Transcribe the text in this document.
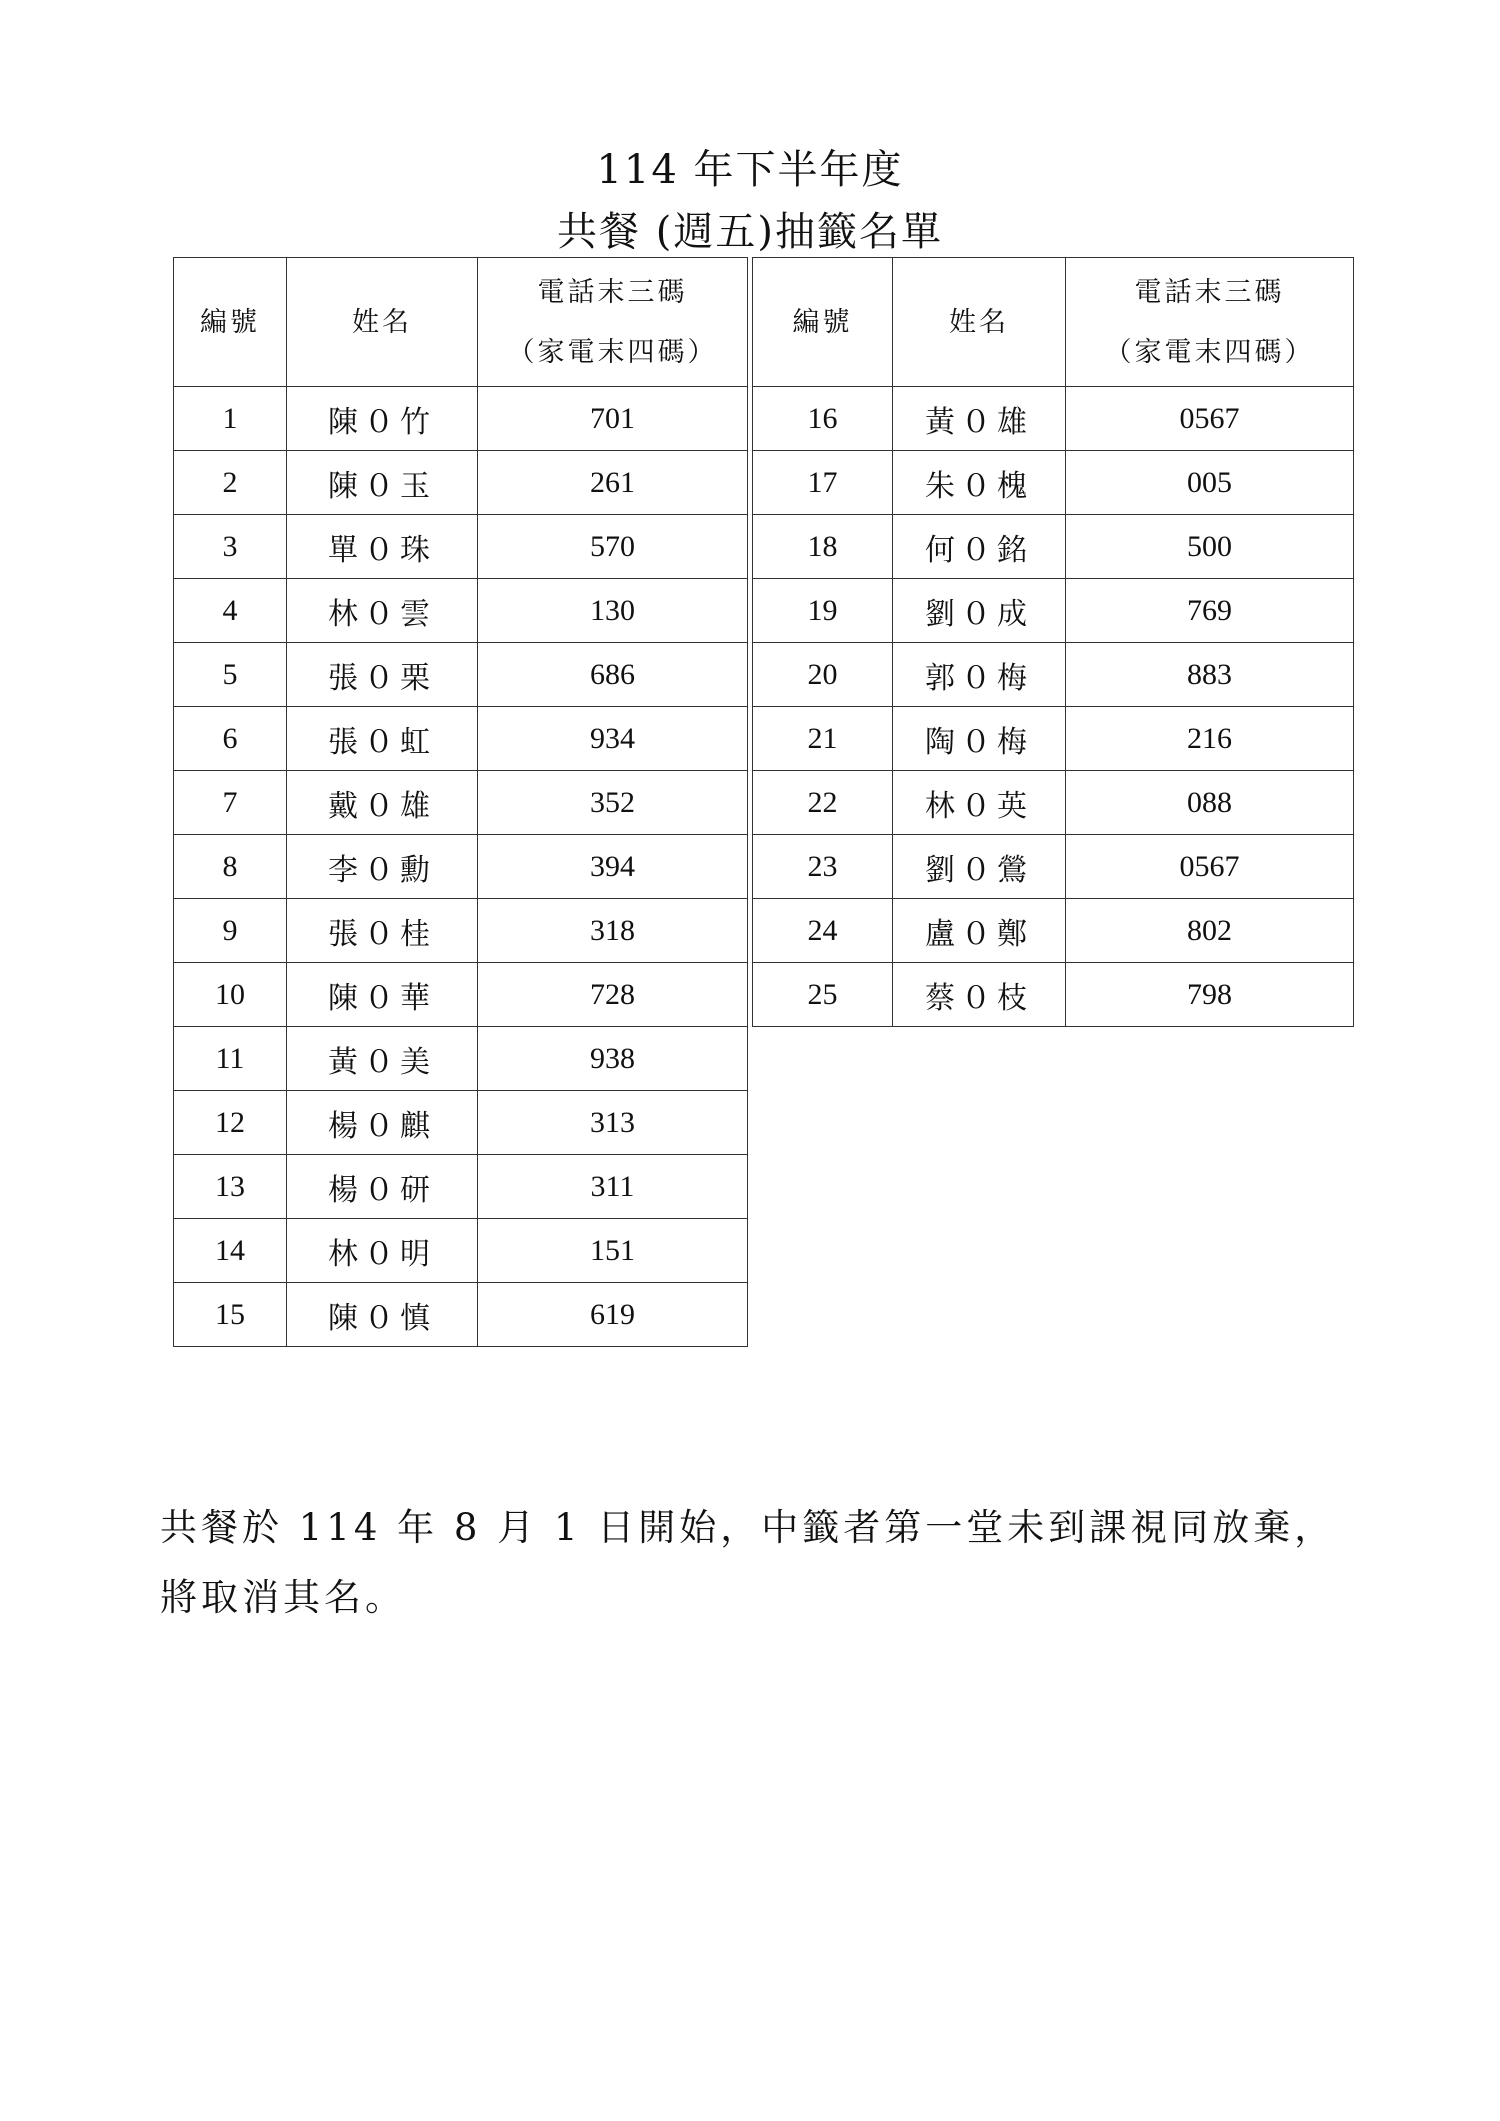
114 年下半年度
共餐 (週五)抽籤名單
編號	姓名	電話末三碼
（家電末四碼）

1	陳０竹	701
2	陳０玉	261
3	單０珠	570
4	林０雲	130
5	張０栗	686
6	張０虹	934
7	戴０雄	352
8	李０勳	394
9	張０桂	318
10	陳０華	728
11	黃０美	938
12	楊０麒	313
13	楊０研	311
14	林０明	151
15	陳０慎	619
編號	姓名	電話末三碼
（家電末四碼）

16	黃０雄	0567
17	朱０槐	005
18	何０銘	500
19	劉０成	769
20	郭０梅	883
21	陶０梅	216
22	林０英	088
23	劉０鶯	0567
24	盧０鄭	802
25	蔡０枝	798
共餐於 114 年 8 月 1 日開始，中籤者第一堂未到課視同放棄，
將取消其名。
